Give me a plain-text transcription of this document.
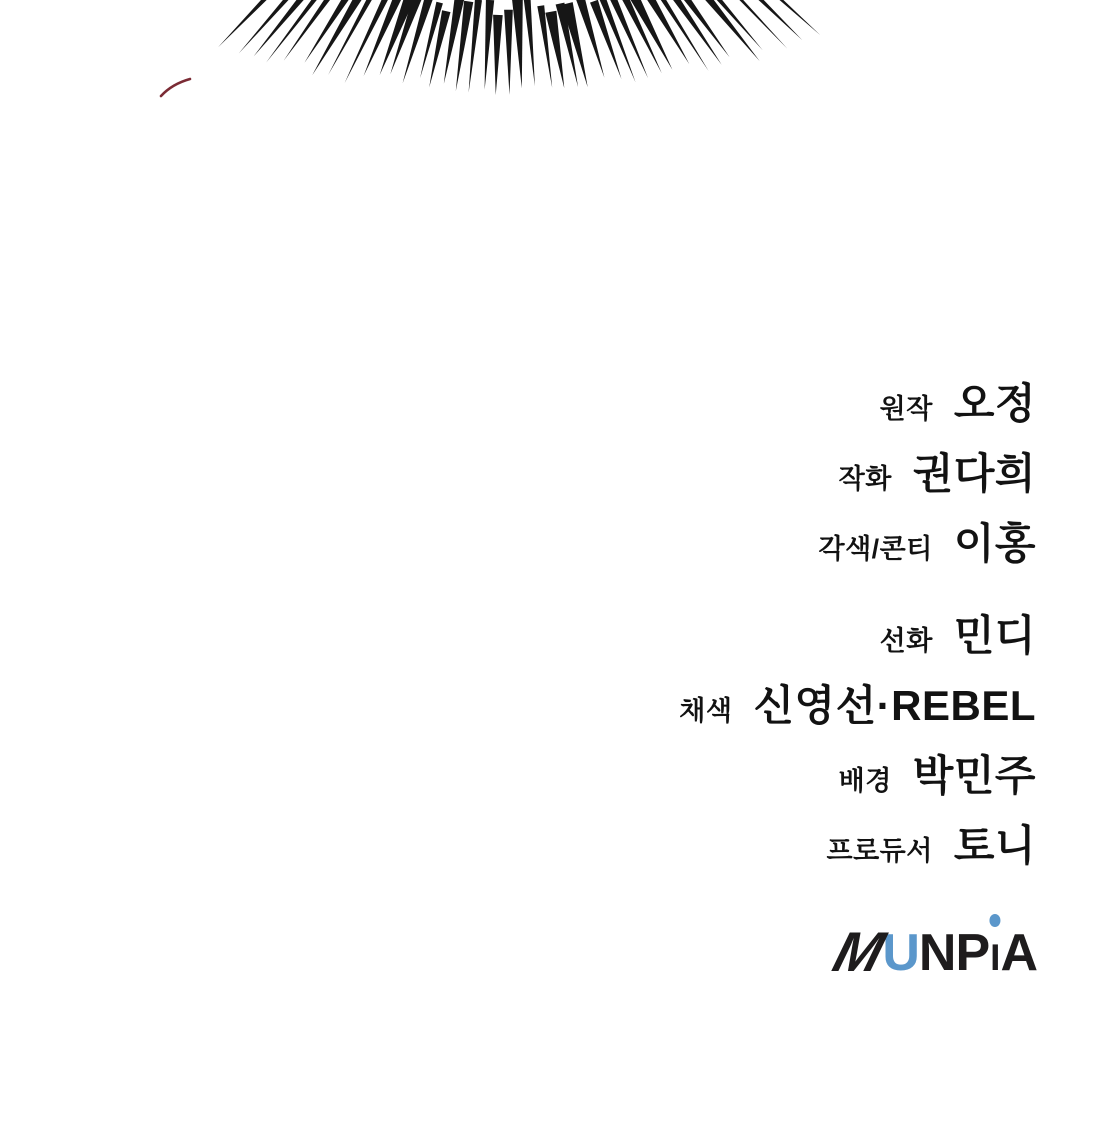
원작 오정
작화 권다희
각색/콘티 이홍
선화 민디
채색 신영선·REBEL
배경 박민주
프로듀서 토니
MUNPI
A
